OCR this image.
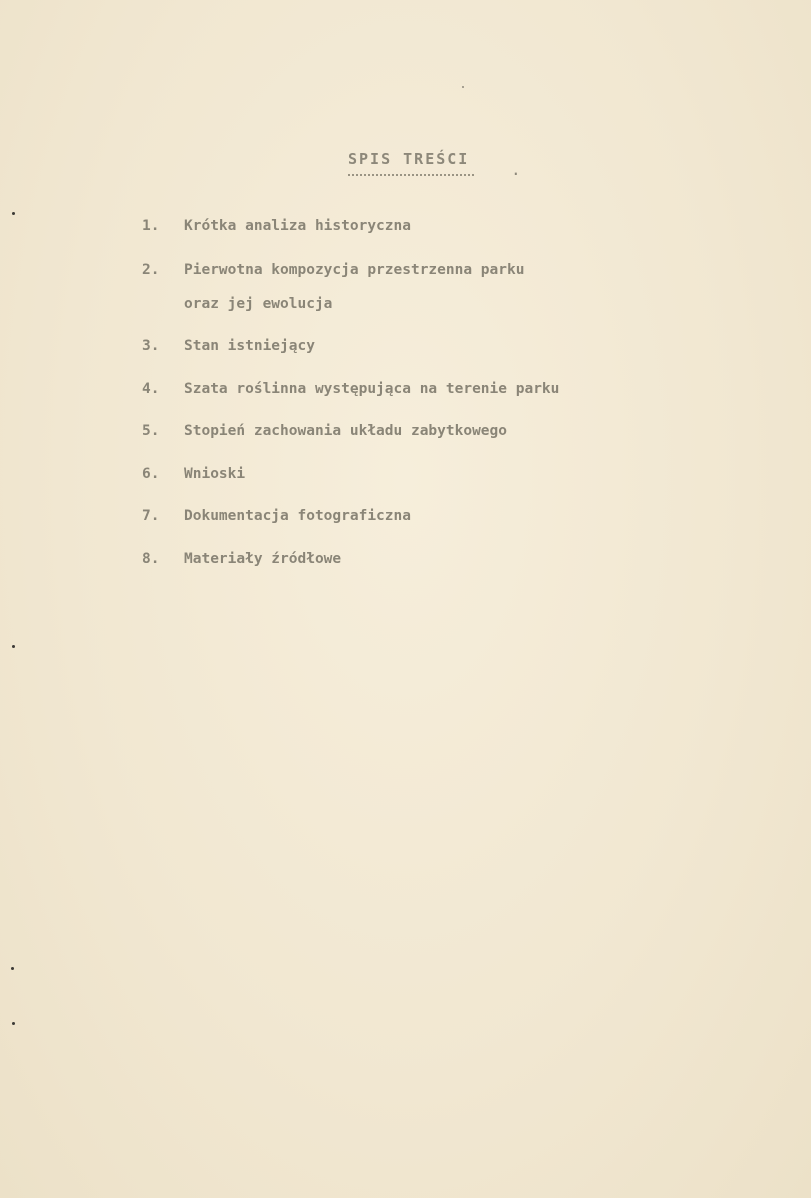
SPIS TREŚCI
.
1. Krótka analiza historyczna
2. Pierwotna kompozycja przestrzenna parku
oraz jej ewolucja
3. Stan istniejący
4. Szata roślinna występująca na terenie parku
5. Stopień zachowania układu zabytkowego
6. Wnioski
7. Dokumentacja fotograficzna
8. Materiały źródłowe
